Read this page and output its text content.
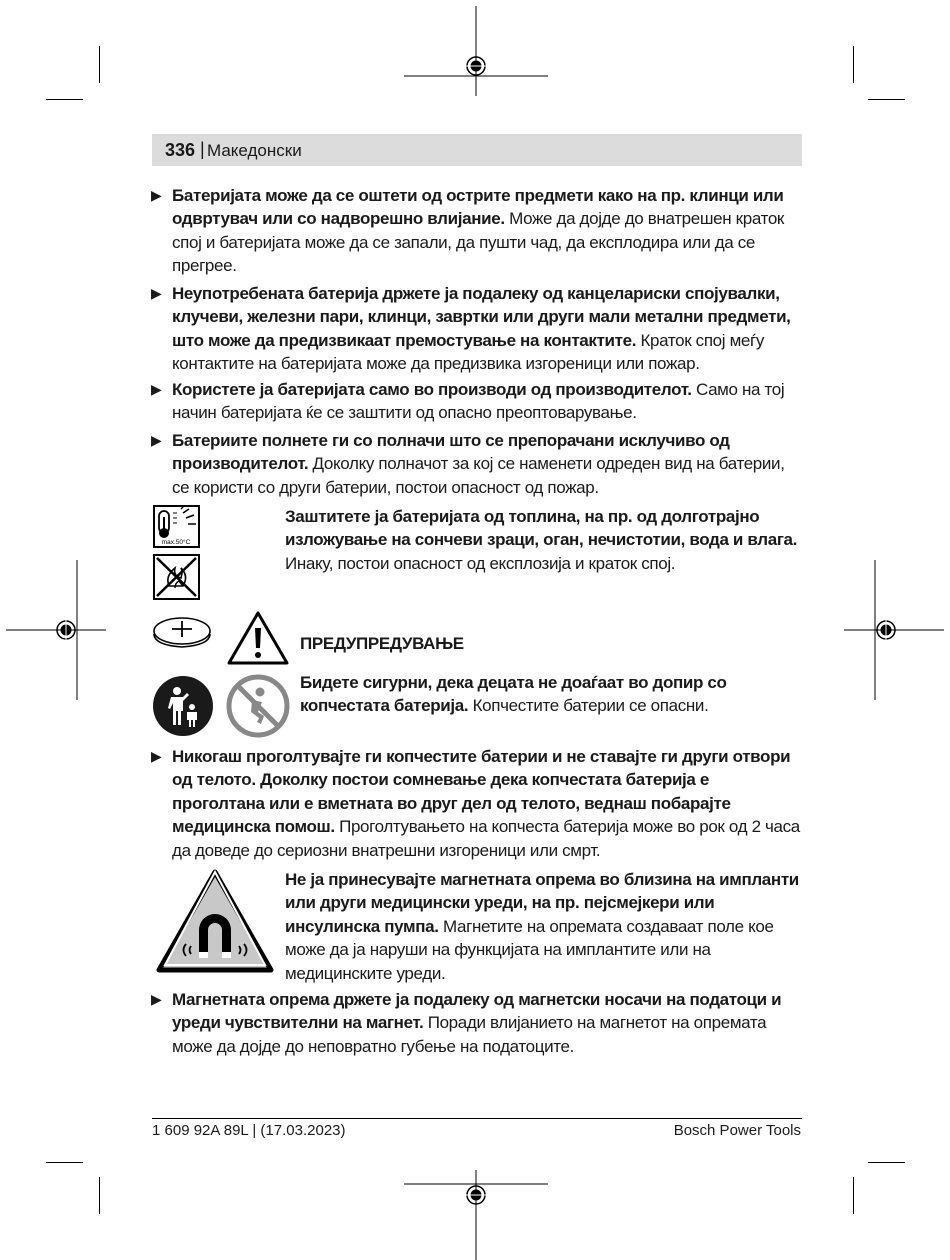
336 | Македонски
▶ Батеријата може да се оштети од острите предмети како на пр. клинци или одвртувач или со надворешно влијание. Може да дојде до внатрешен краток спој и батеријата може да се запали, да пушти чад, да експлодира или да се прегрее.
▶ Неупотребената батерија држете ја подалеку од канцелариски спојувалки, клучеви, железни пари, клинци, завртки или други мали метални предмети, што може да предизвикаат премостување на контактите. Краток спој меѓу контактите на батеријата може да предизвика изгореници или пожар.
▶ Користете ја батеријата само во производи од производителот. Само на тој начин батеријата ќе се заштити од опасно преоптоварување.
▶ Батериите полнете ги со полначи што се препорачани исклучиво од производителот. Доколку полначот за кој се наменети одреден вид на батерии, се користи со други батерии, постои опасност од пожар.
max.50°C
Заштитете ја батеријата од топлина, на пр. од долготрајно изложување на сончеви зраци, оган, нечистотии, вода и влага. Инаку, постои опасност од експлозија и краток спој.
ПРЕДУПРЕДУВАЊЕ
Бидете сигурни, дека децата не доаѓаат во допир со копчестата батерија. Копчестите батерии се опасни.
▶ Никогаш проголтувајте ги копчестите батерии и не ставајте ги други отвори од телото. Доколку постои сомневање дека копчестата батерија е проголтана или е вметната во друг дел од телото, веднаш побарајте медицинска помош. Проголтувањето на копчеста батерија може во рок од 2 часа да доведе до сериозни внатрешни изгореници или смрт.
Не ја принесувајте магнетната опрема во близина на импланти или други медицински уреди, на пр. пејсмејкери или инсулинска пумпа. Магнетите на опремата создаваат поле кое може да ја наруши на функцијата на имплантите или на медицинските уреди.
▶ Магнетната опрема држете ја подалеку од магнетски носачи на податоци и уреди чувствителни на магнет. Поради влијанието на магнетот на опремата може да дојде до неповратно губење на податоците.
1 609 92A 89L | (17.03.2023)	Bosch Power Tools
